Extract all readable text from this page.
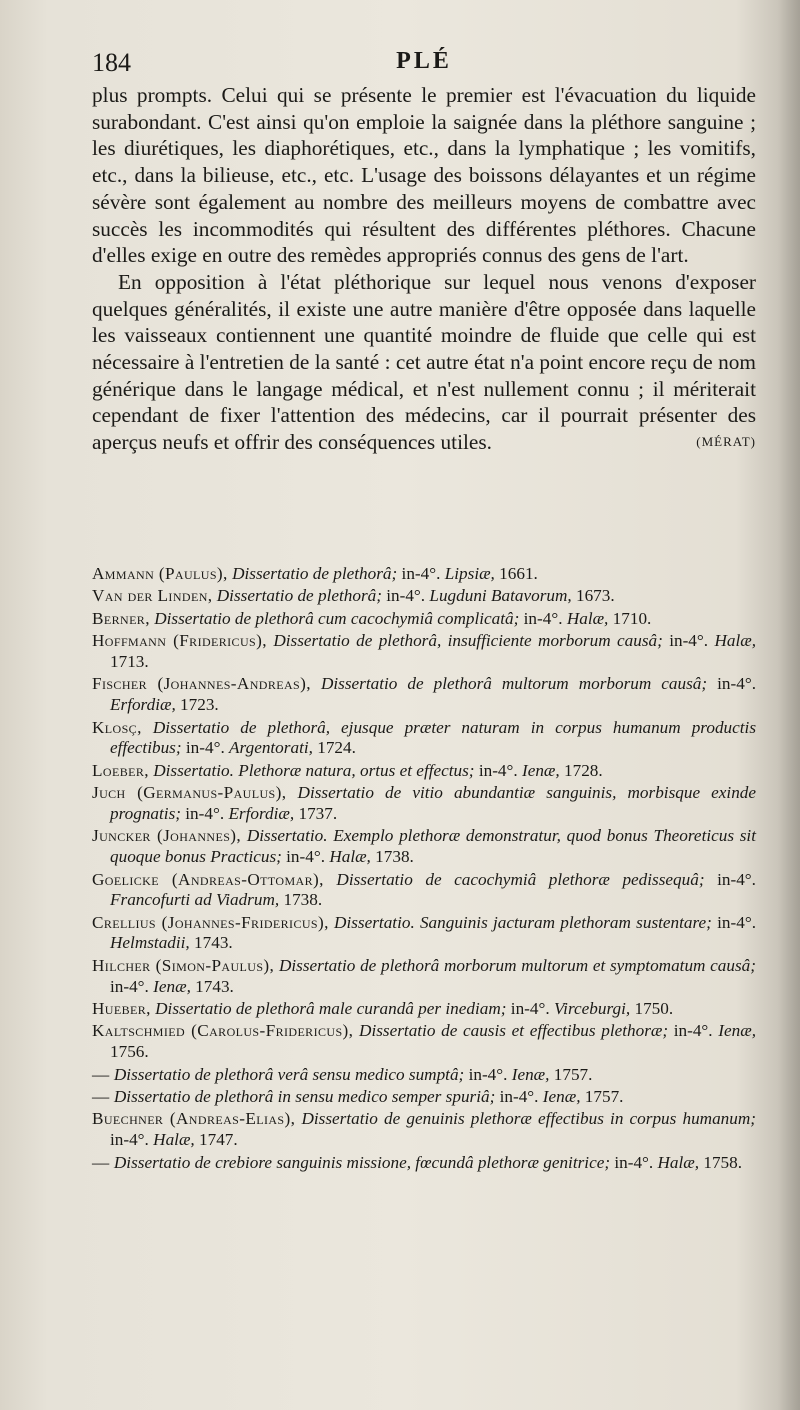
184	PLÉ

plus prompts. Celui qui se présente le premier est l'évacuation du liquide surabondant. C'est ainsi qu'on emploie la saignée dans la pléthore sanguine ; les diurétiques, les diaphorétiques, etc., dans la lymphatique ; les vomitifs, etc., dans la bilieuse, etc., etc. L'usage des boissons délayantes et un régime sévère sont également au nombre des meilleurs moyens de combattre avec succès les incommodités qui résultent des différentes pléthores. Chacune d'elles exige en outre des remèdes appropriés connus des gens de l'art.

En opposition à l'état pléthorique sur lequel nous venons d'exposer quelques généralités, il existe une autre manière d'être opposée dans laquelle les vaisseaux contiennent une quantité moindre de fluide que celle qui est nécessaire à l'entretien de la santé : cet autre état n'a point encore reçu de nom générique dans le langage médical, et n'est nullement connu ; il mériterait cependant de fixer l'attention des médecins, car il pourrait présenter des aperçus neufs et offrir des conséquences utiles.	(MÉRAT)

Ammann (Paulus), Dissertatio de plethorâ; in-4°. Lipsiæ, 1661.

Van der Linden, Dissertatio de plethorâ; in-4°. Lugduni Batavorum, 1673.

Berner, Dissertatio de plethorâ cum cacochymiâ complicatâ; in-4°. Halæ, 1710.

Hoffmann (Fridericus), Dissertatio de plethorâ, insufficiente morborum causâ; in-4°. Halæ, 1713.

Fischer (Johannes-Andreas), Dissertatio de plethorâ multorum morborum causâ; in-4°. Erfordiæ, 1723.

Klosç, Dissertatio de plethorâ, ejusque præter naturam in corpus humanum productis effectibus; in-4°. Argentorati, 1724.

Loeber, Dissertatio. Plethoræ natura, ortus et effectus; in-4°. Ienæ, 1728.

Juch (Germanus-Paulus), Dissertatio de vitio abundantiæ sanguinis, morbisque exinde prognatis; in-4°. Erfordiæ, 1737.

Juncker (Johannes), Dissertatio. Exemplo plethoræ demonstratur, quod bonus Theoreticus sit quoque bonus Practicus; in-4°. Halæ, 1738.

Goelicke (Andreas-Ottomar), Dissertatio de cacochymiâ plethoræ pedissequâ; in-4°. Francofurti ad Viadrum, 1738.

Crellius (Johannes-Fridericus), Dissertatio. Sanguinis jacturam plethoram sustentare; in-4°. Helmstadii, 1743.

Hilcher (Simon-Paulus), Dissertatio de plethorâ morborum multorum et symptomatum causâ; in-4°. Ienæ, 1743.

Hueber, Dissertatio de plethorâ male curandâ per inediam; in-4°. Virceburgi, 1750.

Kaltschmied (Carolus-Fridericus), Dissertatio de causis et effectibus plethoræ; in-4°. Ienæ, 1756.

— Dissertatio de plethorâ verâ sensu medico sumptâ; in-4°. Ienæ, 1757.

— Dissertatio de plethorâ in sensu medico semper spuriâ; in-4°. Ienæ, 1757.

Buechner (Andreas-Elias), Dissertatio de genuinis plethoræ effectibus in corpus humanum; in-4°. Halæ, 1747.

— Dissertatio de crebiore sanguinis missione, fœcundâ plethoræ genitrice; in-4°. Halæ, 1758.
